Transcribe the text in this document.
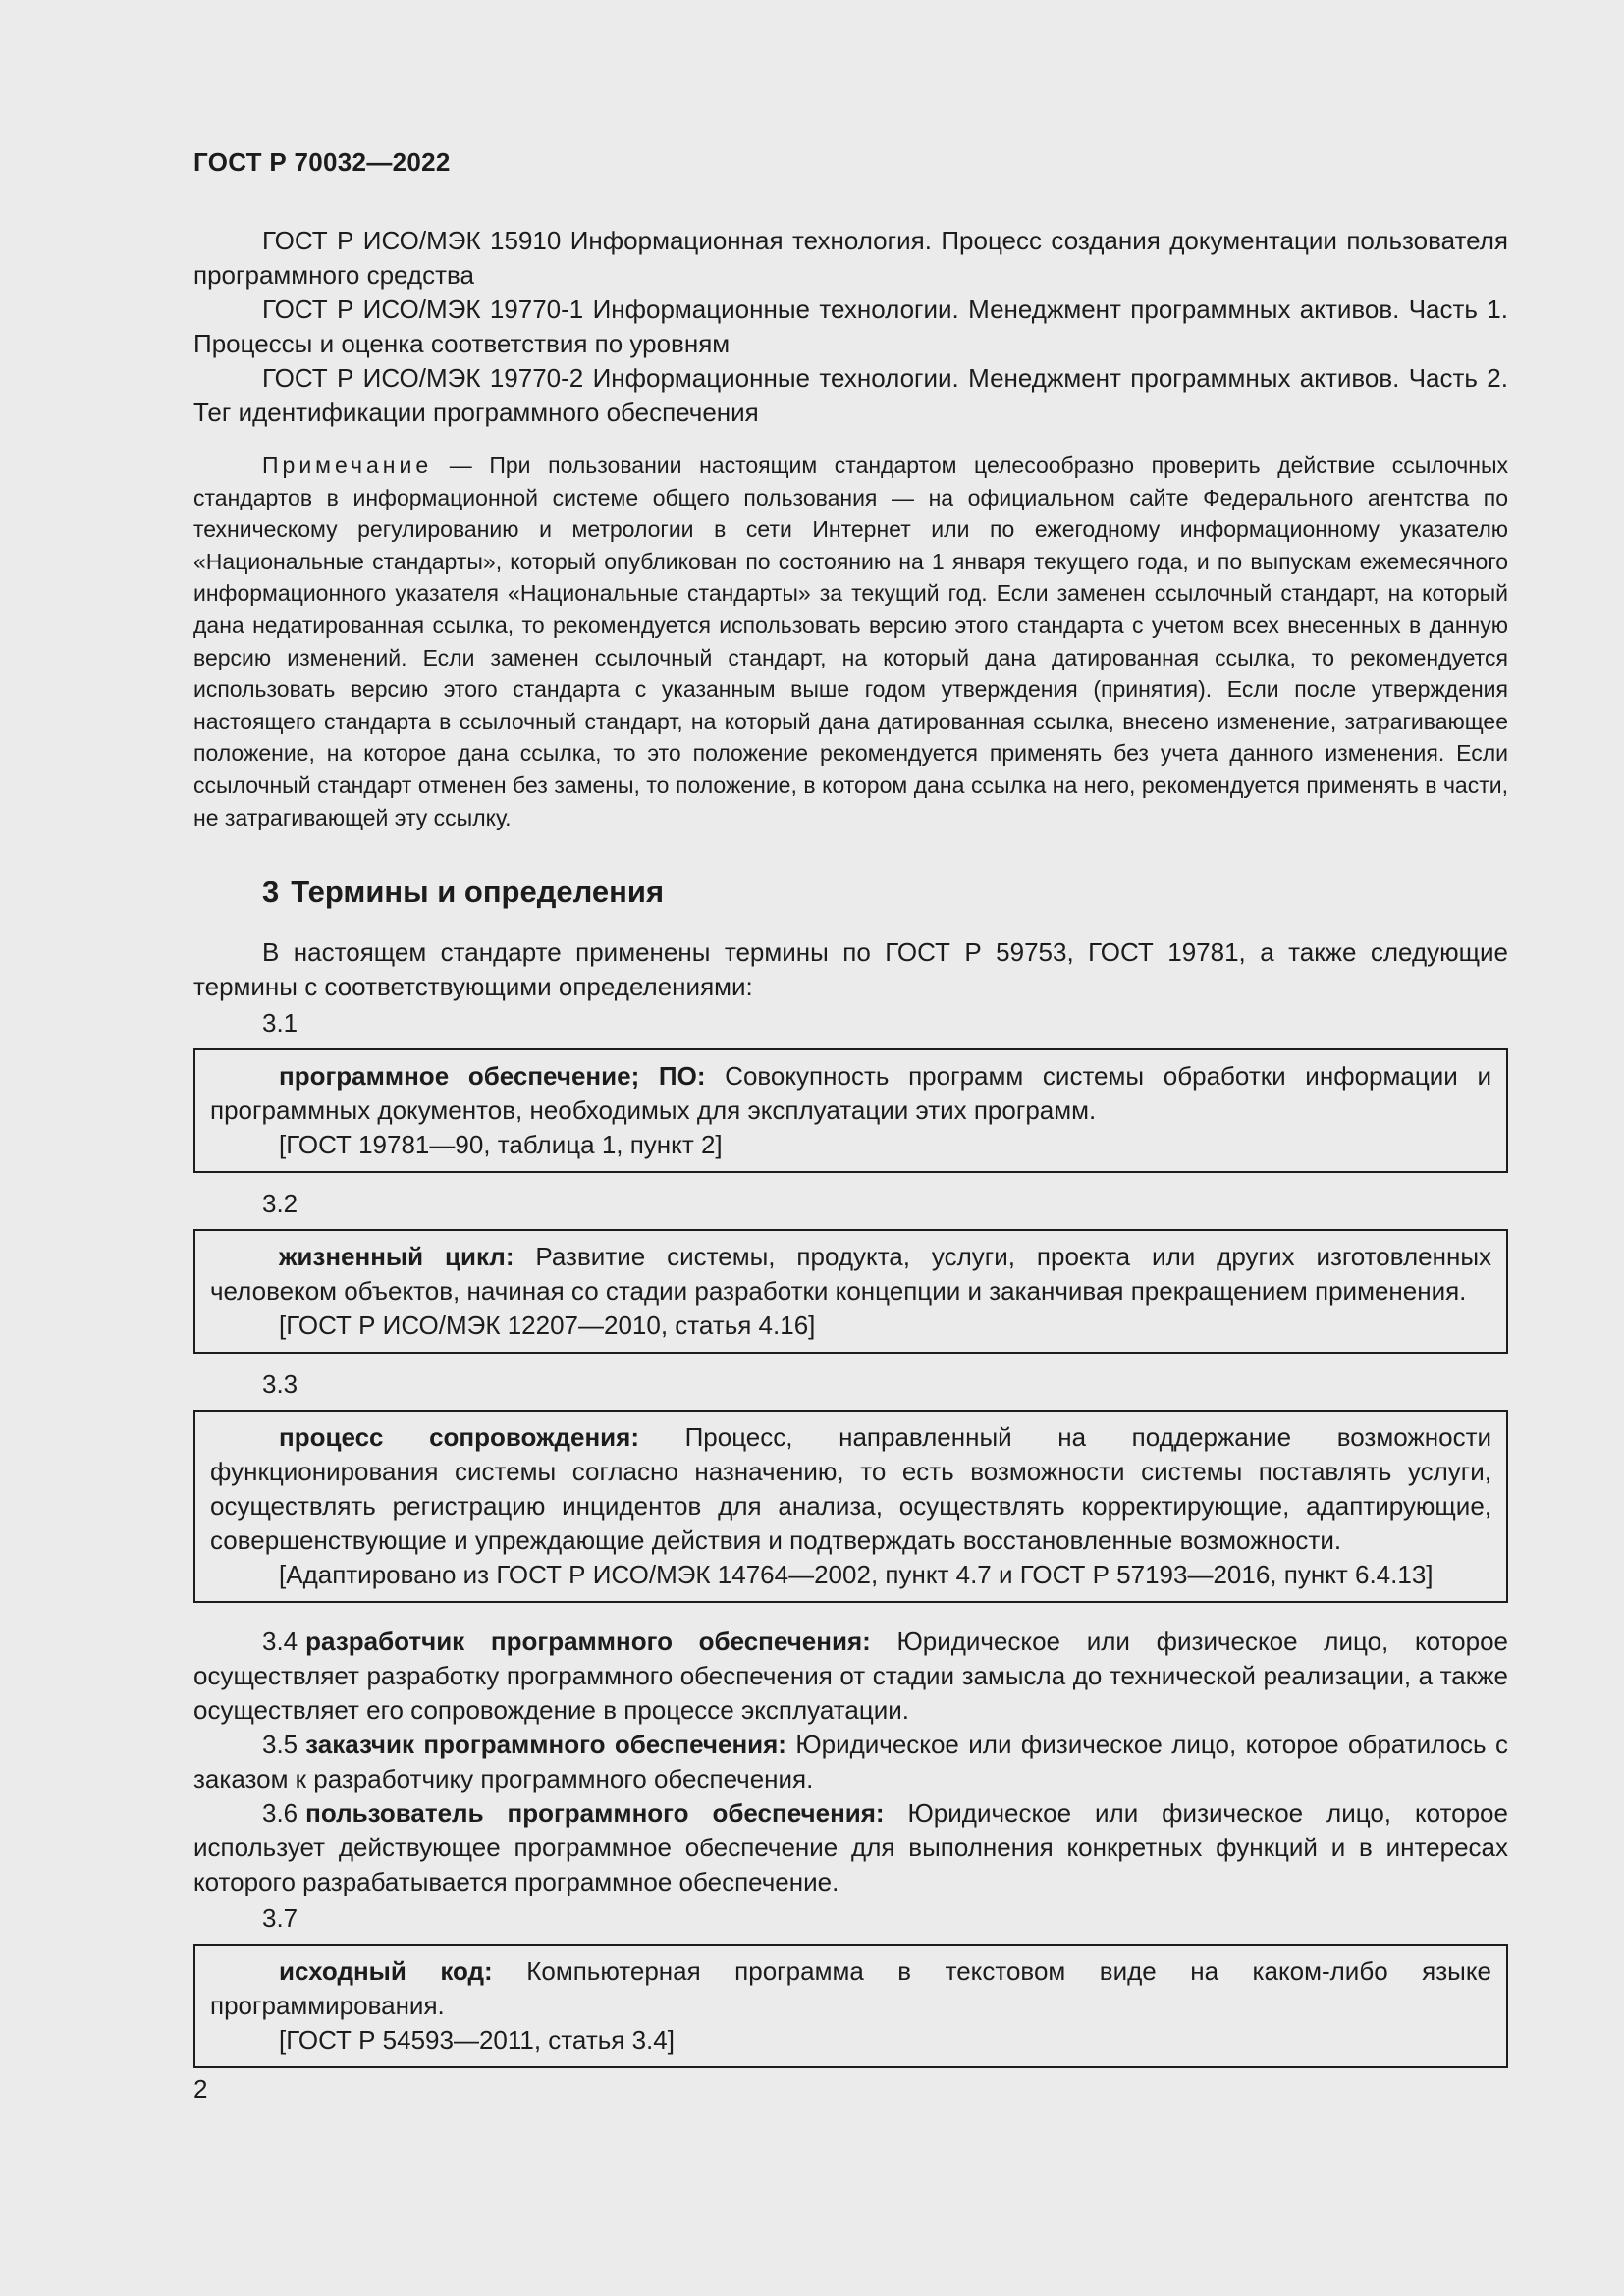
ГОСТ Р 70032—2022

ГОСТ Р ИСО/МЭК 15910 Информационная технология. Процесс создания документации пользователя программного средства

ГОСТ Р ИСО/МЭК 19770-1 Информационные технологии. Менеджмент программных активов. Часть 1. Процессы и оценка соответствия по уровням

ГОСТ Р ИСО/МЭК 19770-2 Информационные технологии. Менеджмент программных активов. Часть 2. Тег идентификации программного обеспечения

Примечание — При пользовании настоящим стандартом целесообразно проверить действие ссылочных стандартов в информационной системе общего пользования — на официальном сайте Федерального агентства по техническому регулированию и метрологии в сети Интернет или по ежегодному информационному указателю «Национальные стандарты», который опубликован по состоянию на 1 января текущего года, и по выпускам ежемесячного информационного указателя «Национальные стандарты» за текущий год. Если заменен ссылочный стандарт, на который дана недатированная ссылка, то рекомендуется использовать версию этого стандарта с учетом всех внесенных в данную версию изменений. Если заменен ссылочный стандарт, на который дана датированная ссылка, то рекомендуется использовать версию этого стандарта с указанным выше годом утверждения (принятия). Если после утверждения настоящего стандарта в ссылочный стандарт, на который дана датированная ссылка, внесено изменение, затрагивающее положение, на которое дана ссылка, то это положение рекомендуется применять без учета данного изменения. Если ссылочный стандарт отменен без замены, то положение, в котором дана ссылка на него, рекомендуется применять в части, не затрагивающей эту ссылку.

3 Термины и определения

В настоящем стандарте применены термины по ГОСТ Р 59753, ГОСТ 19781, а также следующие термины с соответствующими определениями:

3.1

программное обеспечение; ПО: Совокупность программ системы обработки информации и программных документов, необходимых для эксплуатации этих программ.

[ГОСТ 19781—90, таблица 1, пункт 2]

3.2

жизненный цикл: Развитие системы, продукта, услуги, проекта или других изготовленных человеком объектов, начиная со стадии разработки концепции и заканчивая прекращением применения.

[ГОСТ Р ИСО/МЭК 12207—2010, статья 4.16]

3.3

процесс сопровождения: Процесс, направленный на поддержание возможности функционирования системы согласно назначению, то есть возможности системы поставлять услуги, осуществлять регистрацию инцидентов для анализа, осуществлять корректирующие, адаптирующие, совершенствующие и упреждающие действия и подтверждать восстановленные возможности.

[Адаптировано из ГОСТ Р ИСО/МЭК 14764—2002, пункт 4.7 и ГОСТ Р 57193—2016, пункт 6.4.13]

3.4 разработчик программного обеспечения: Юридическое или физическое лицо, которое осуществляет разработку программного обеспечения от стадии замысла до технической реализации, а также осуществляет его сопровождение в процессе эксплуатации.

3.5 заказчик программного обеспечения: Юридическое или физическое лицо, которое обратилось с заказом к разработчику программного обеспечения.

3.6 пользователь программного обеспечения: Юридическое или физическое лицо, которое использует действующее программное обеспечение для выполнения конкретных функций и в интересах которого разрабатывается программное обеспечение.

3.7

исходный код: Компьютерная программа в текстовом виде на каком-либо языке программирования.

[ГОСТ Р 54593—2011, статья 3.4]

2
